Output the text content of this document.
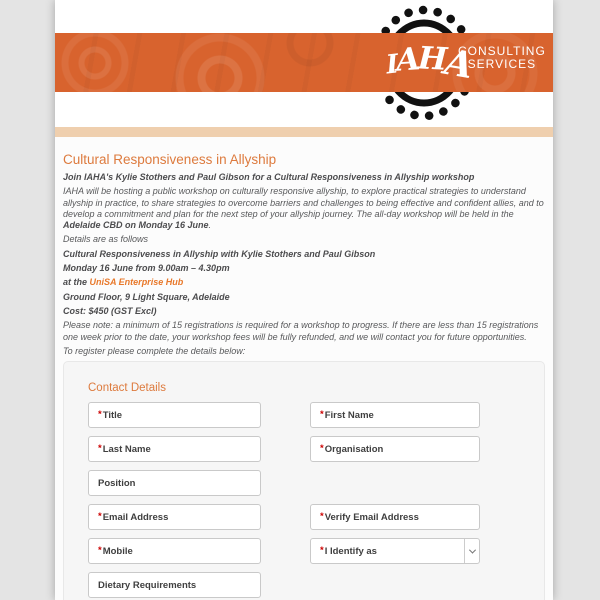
IAHA
CONSULTING
SERVICES
Cultural Responsiveness in Allyship

Join IAHA's Kylie Stothers and Paul Gibson for a Cultural Responsiveness in Allyship workshop

IAHA will be hosting a public workshop on culturally responsive allyship, to explore practical strategies to understand allyship in practice, to share strategies to overcome barriers and challenges to being effective and confident allies, and to develop a commitment and plan for the next step of your allyship journey. The all-day workshop will be held in the Adelaide CBD on Monday 16 June.

Details are as follows

Cultural Responsiveness in Allyship with Kylie Stothers and Paul Gibson

Monday 16 June from 9.00am – 4.30pm

at the UniSA Enterprise Hub

Ground Floor, 9 Light Square, Adelaide

Cost: $450 (GST Excl)

Please note: a minimum of 15 registrations is required for a workshop to progress. If there are less than 15 registrations one week prior to the date, your workshop fees will be fully refunded, and we will contact you for future opportunities.

To register please complete the details below:

Contact Details
*Title	*First Name
*Last Name	*Organisation
Position
*Email Address	*Verify Email Address
*Mobile	*I Identify as
Dietary Requirements
